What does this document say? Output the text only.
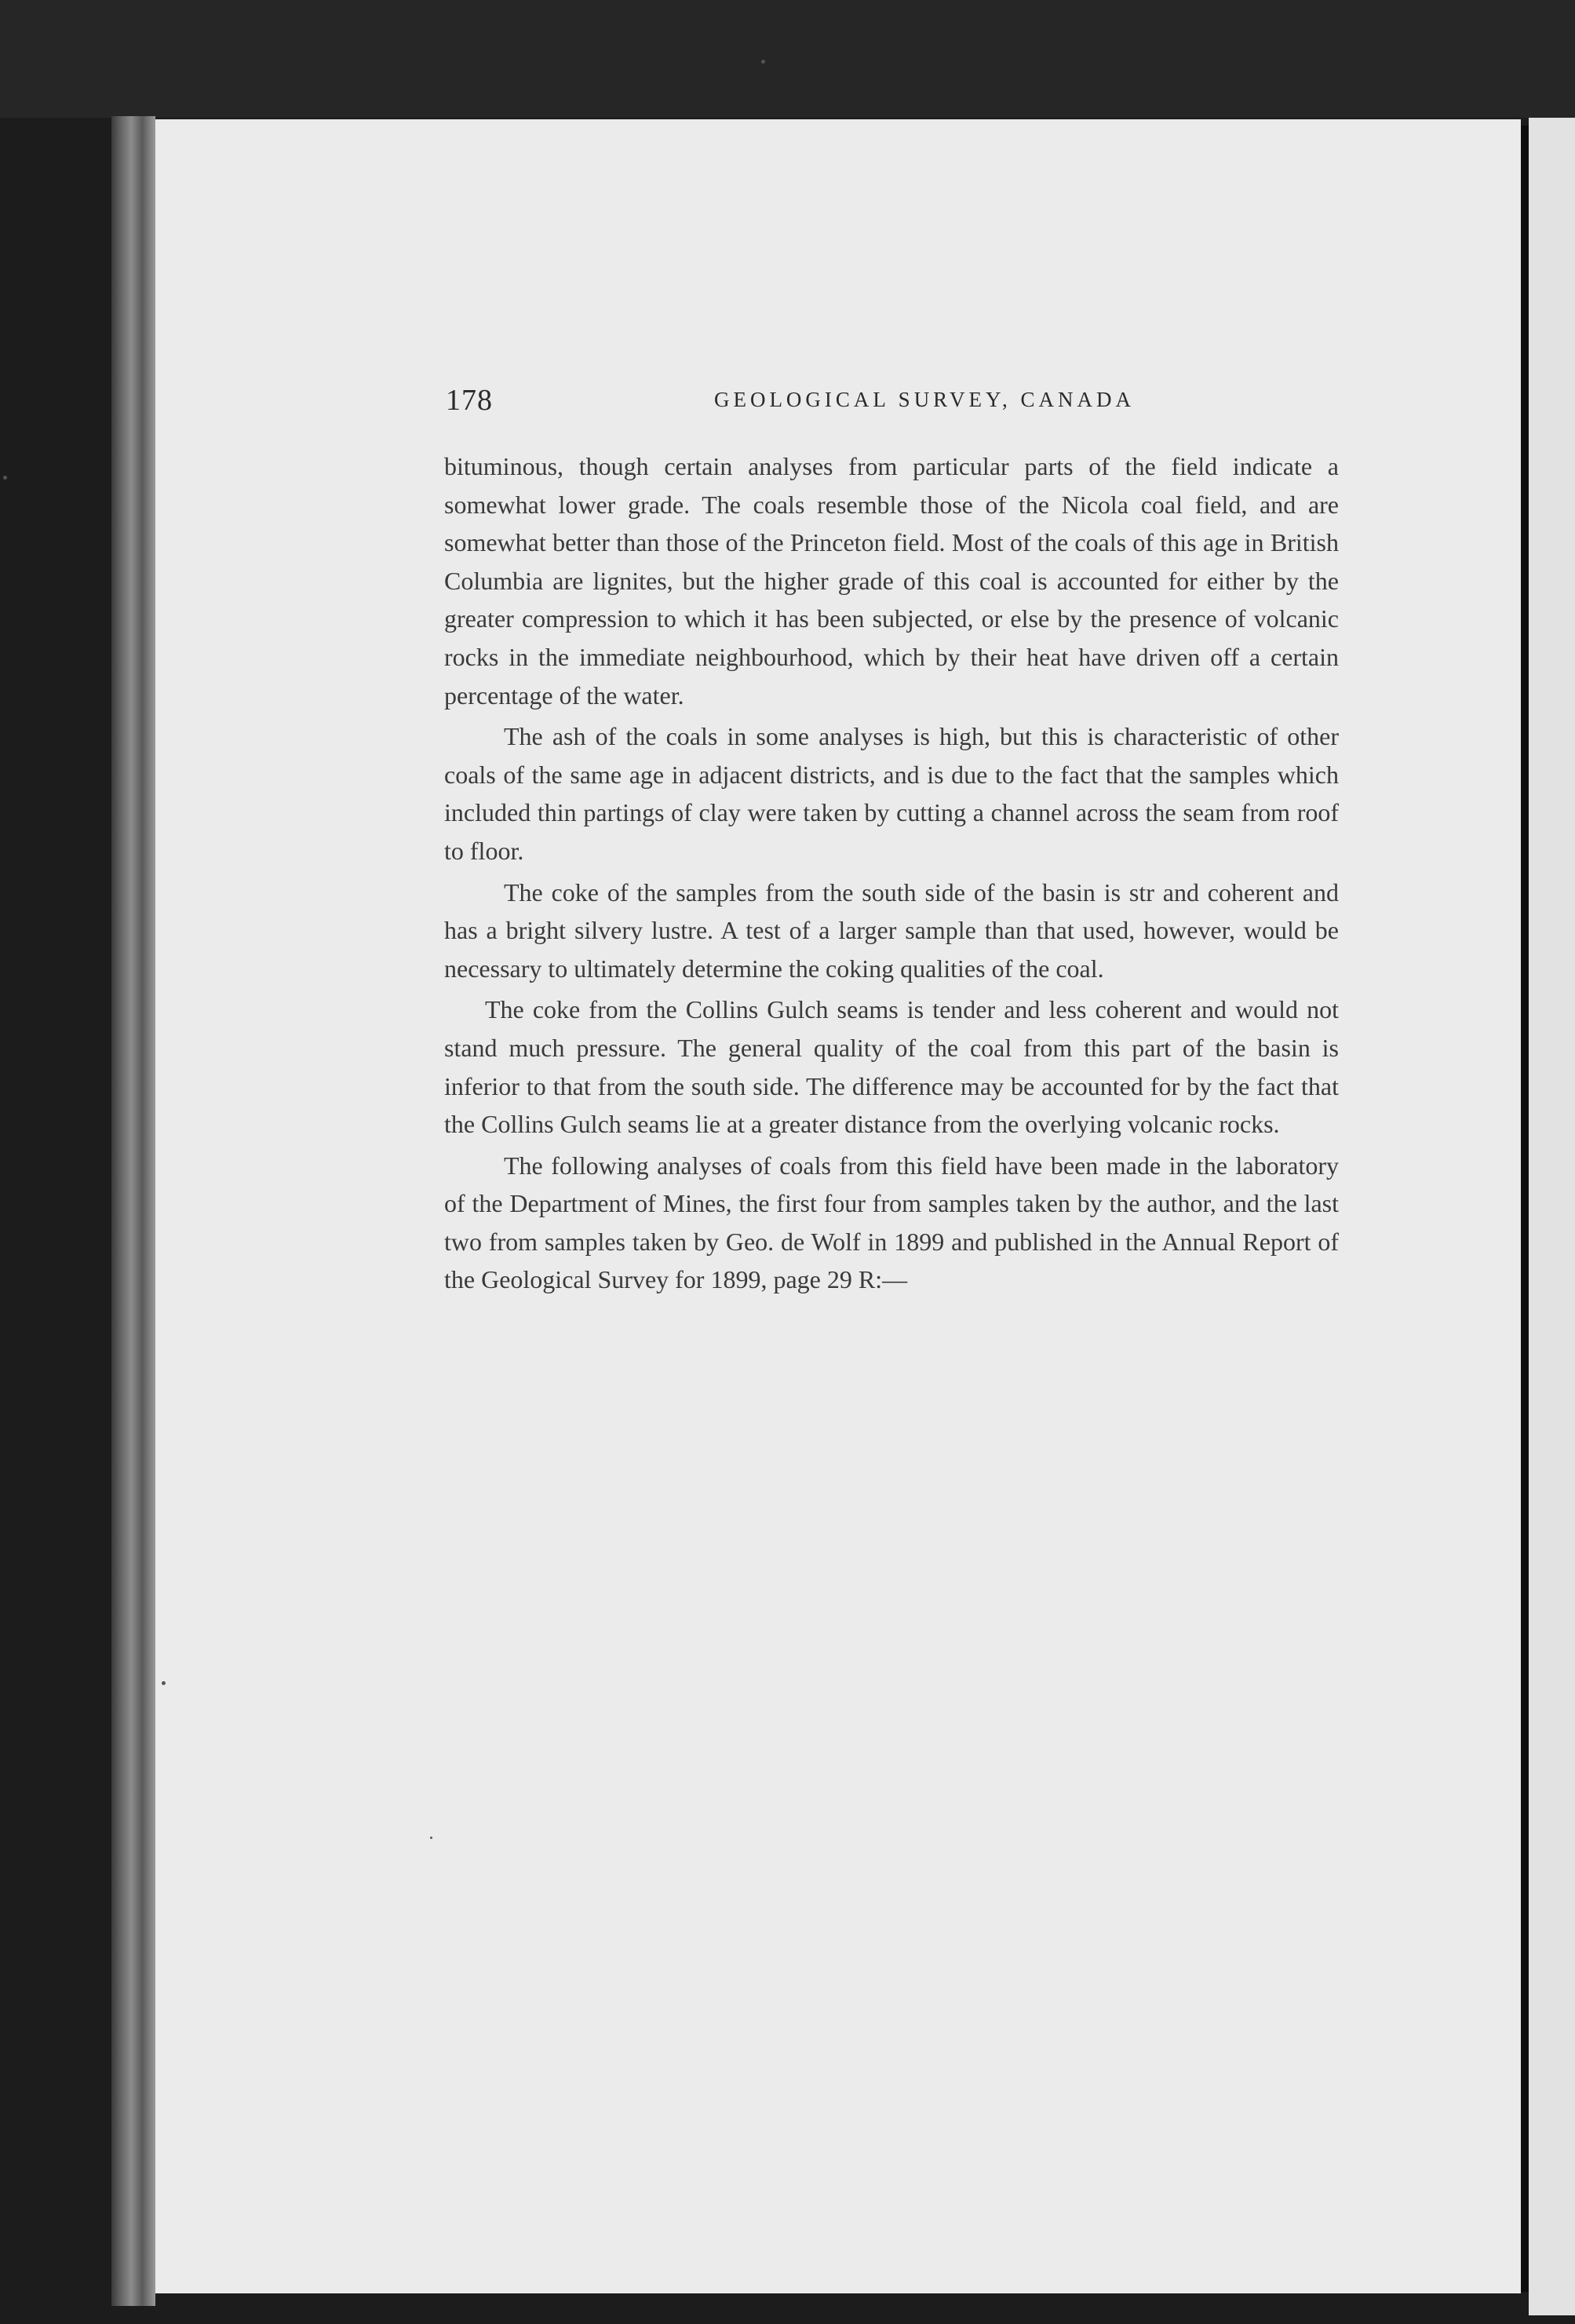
178	GEOLOGICAL SURVEY, CANADA

bituminous, though certain analyses from particular parts of the field indicate a somewhat lower grade. The coals resemble those of the Nicola coal field, and are somewhat better than those of the Princeton field. Most of the coals of this age in British Columbia are lignites, but the higher grade of this coal is accounted for either by the greater compression to which it has been subjected, or else by the presence of volcanic rocks in the immediate neighbourhood, which by their heat have driven off a certain percentage of the water.

The ash of the coals in some analyses is high, but this is characteristic of other coals of the same age in adjacent districts, and is due to the fact that the samples which included thin partings of clay were taken by cutting a channel across the seam from roof to floor.

The coke of the samples from the south side of the basin is str and coherent and has a bright silvery lustre. A test of a larger sample than that used, however, would be necessary to ultimately determine the coking qualities of the coal.

The coke from the Collins Gulch seams is tender and less coherent and would not stand much pressure. The general quality of the coal from this part of the basin is inferior to that from the south side. The difference may be accounted for by the fact that the Collins Gulch seams lie at a greater distance from the overlying volcanic rocks.

The following analyses of coals from this field have been made in the laboratory of the Department of Mines, the first four from samples taken by the author, and the last two from samples taken by Geo. de Wolf in 1899 and published in the Annual Report of the Geological Survey for 1899, page 29 R:—
